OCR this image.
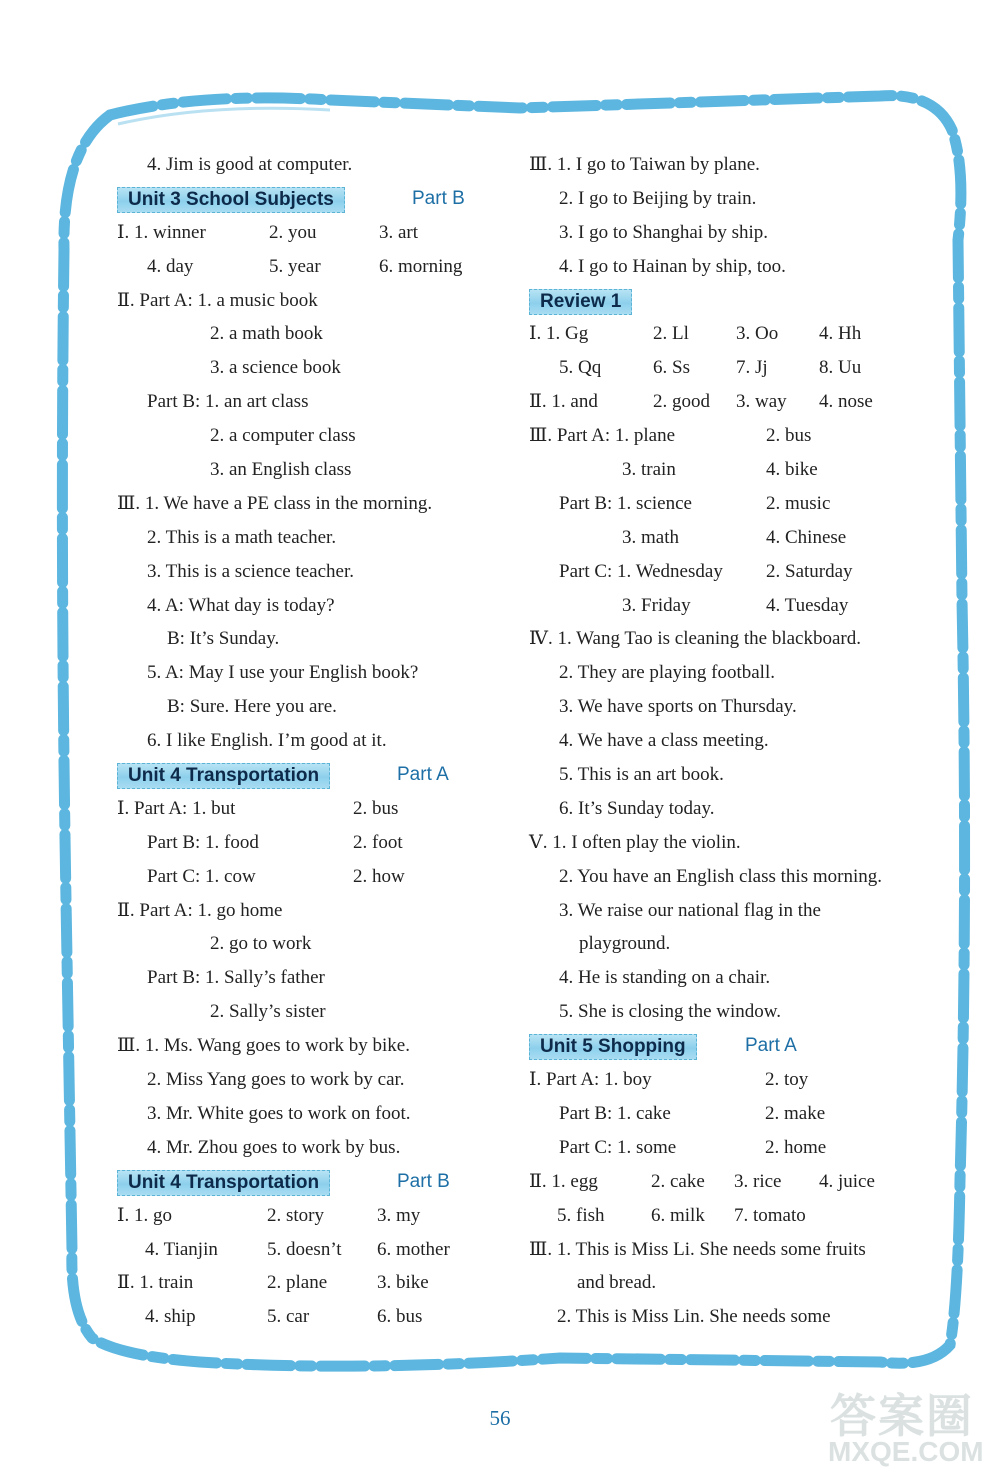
4. Jim is good at computer.
Unit 3 School Subjects	Part B
Ⅰ. 1. winner	2. you	3. art
4. day	5. year	6. morning
Ⅱ. Part A: 1. a music book
2. a math book
3. a science book
Part B: 1. an art class
2. a computer class
3. an English class
Ⅲ. 1. We have a PE class in the morning.
2. This is a math teacher.
3. This is a science teacher.
4. A: What day is today?
B: It’s Sunday.
5. A: May I use your English book?
B: Sure. Here you are.
6. I like English. I’m good at it.
Unit 4 Transportation	Part A
Ⅰ. Part A: 1. but	2. bus
Part B: 1. food	2. foot
Part C: 1. cow	2. how
Ⅱ. Part A: 1. go home
2. go to work
Part B: 1. Sally’s father
2. Sally’s sister
Ⅲ. 1. Ms. Wang goes to work by bike.
2. Miss Yang goes to work by car.
3. Mr. White goes to work on foot.
4. Mr. Zhou goes to work by bus.
Unit 4 Transportation	Part B
Ⅰ. 1. go	2. story	3. my
4. Tianjin	5. doesn’t 6. mother
Ⅱ. 1. train	2. plane	3. bike
4. ship	5. car	6. bus
Ⅲ. 1. I go to Taiwan by plane.
2. I go to Beijing by train.
3. I go to Shanghai by ship.
4. I go to Hainan by ship, too.
Review 1
Ⅰ. 1. Gg	2. Ll 3. Oo 4. Hh
5. Qq	6. Ss 7. Jj	8. Uu
Ⅱ. 1. and	2. good 3. way 4. nose
Ⅲ. Part A: 1. plane	2. bus
3. train	4. bike
Part B: 1. science	2. music
3. math	4. Chinese
Part C: 1. Wednesday 2. Saturday
3. Friday	4. Tuesday
Ⅳ. 1. Wang Tao is cleaning the blackboard.
2. They are playing football.
3. We have sports on Thursday.
4. We have a class meeting.
5. This is an art book.
6. It’s Sunday today.
Ⅴ. 1. I often play the violin.
2. You have an English class this morning.
3. We raise our national flag in the
playground.
4. He is standing on a chair.
5. She is closing the window.
Unit 5 Shopping	Part A
Ⅰ. Part A: 1. boy	2. toy
Part B: 1. cake	2. make
Part C: 1. some	2. home
Ⅱ. 1. egg	2. cake 3. rice 4. juice
5. fish 6. milk 7. tomato
Ⅲ. 1. This is Miss Li. She needs some fruits
and bread.
2. This is Miss Lin. She needs some
56	答案圈
MXQE.COM
